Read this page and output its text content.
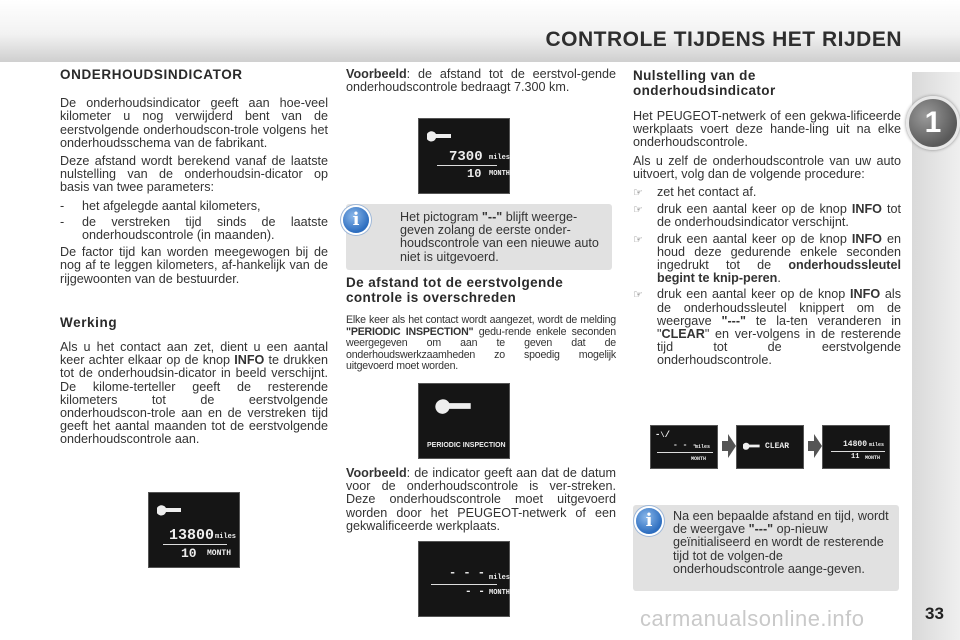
CONTROLE TIJDENS HET RIJDEN
1
ONDERHOUDSINDICATOR

De onderhoudsindicator geeft aan hoe-veel kilometer u nog verwijderd bent van de eerstvolgende onderhoudscon-trole volgens het onderhoudsschema van de fabrikant.

Deze afstand wordt berekend vanaf de laatste nulstelling van de onderhoudsin-dicator op basis van twee parameters:

-	het afgelegde aantal kilometers,
-	de verstreken tijd sinds de laatste onderhoudscontrole (in maanden).

De factor tijd kan worden meegewogen bij de nog af te leggen kilometers, af-hankelijk van de rijgewoonten van de bestuurder.

Werking

Als u het contact aan zet, dient u een aantal keer achter elkaar op de knop INFO te drukken tot de onderhoudsin-dicator in beeld verschijnt. De kilome-terteller geeft de resterende kilometers tot de eerstvolgende onderhoudscon-trole aan en de verstreken tijd geeft het aantal maanden tot de eerstvolgende onderhoudscontrole aan.

13800 miles
10 MONTH

Voorbeeld: de afstand tot de eerstvol-gende onderhoudscontrole bedraagt 7.300 km.

7300 miles
10 MONTH
Het pictogram "--" blijft weerge-geven zolang de eerste onder-houdscontrole van een nieuwe auto niet is uitgevoerd.
i
De afstand tot de eerstvolgende controle is overschreden

Elke keer als het contact wordt aangezet, wordt de melding "PERIODIC INSPECTION" gedu-rende enkele seconden weergegeven om aan te geven dat de onderhoudswerkzaamheden zo spoedig mogelijk uitgevoerd moet worden.

PERIODIC INSPECTION

Voorbeeld: de indicator geeft aan dat de datum voor de onderhoudscontrole is ver-streken. Deze onderhoudscontrole moet uitgevoerd worden door het PEUGEOT-netwerk of een gekwalificeerde werkplaats.

- - - miles
- - MONTH
Nulstelling van de onderhoudsindicator

Het PEUGEOT-netwerk of een gekwa-lificeerde werkplaats voert deze hande-ling uit na elke onderhoudscontrole.

Als u zelf de onderhoudscontrole van uw auto uitvoert, volg dan de volgende procedure:

☞	zet het contact af.
☞	druk een aantal keer op de knop INFO tot de onderhoudsindicator verschijnt.
☞	druk een aantal keer op de knop INFO en houd deze gedurende enkele seconden ingedrukt tot de onderhoudssleutel begint te knip-peren.
☞	druk een aantal keer op de knop INFO als de onderhoudssleutel knippert om de weergave "---" te la-ten veranderen in "CLEAR" en ver-volgens in de resterende tijd tot de eerstvolgende onderhoudscontrole.
-\/
- - -
miles
MONTH
CLEAR	14800 miles
11 MONTH
Na een bepaalde afstand en tijd, wordt de weergave "---" op-nieuw geïnitialiseerd en wordt de resterende tijd tot de volgen-de onderhoudscontrole aange-geven.
i
carmanualsonline.info	33
